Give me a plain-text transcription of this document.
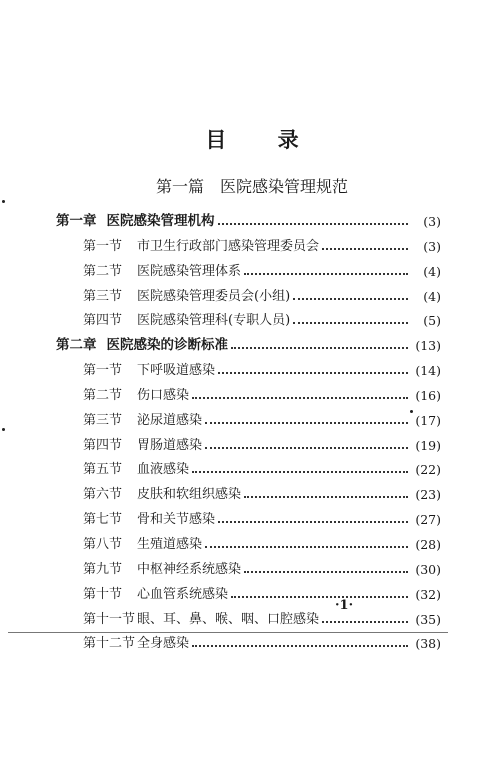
目 录
第一篇 医院感染管理规范
第一章 医院感染管理机构	(3)
第一节	市卫生行政部门感染管理委员会	(3)
第二节	医院感染管理体系	(4)
第三节	医院感染管理委员会(小组)	(4)
第四节	医院感染管理科(专职人员)	(5)
第二章 医院感染的诊断标准	(13)
第一节	下呼吸道感染	(14)
第二节	伤口感染	(16)
第三节	泌尿道感染	(17)
第四节	胃肠道感染	(19)
第五节	血液感染	(22)
第六节	皮肤和软组织感染	(23)
第七节	骨和关节感染	(27)
第八节	生殖道感染	(28)
第九节	中枢神经系统感染	(30)
第十节	心血管系统感染	(32)
第十一节 眼、耳、鼻、喉、咽、口腔感染	(35)
第十二节 全身感染	(38)
·1·
